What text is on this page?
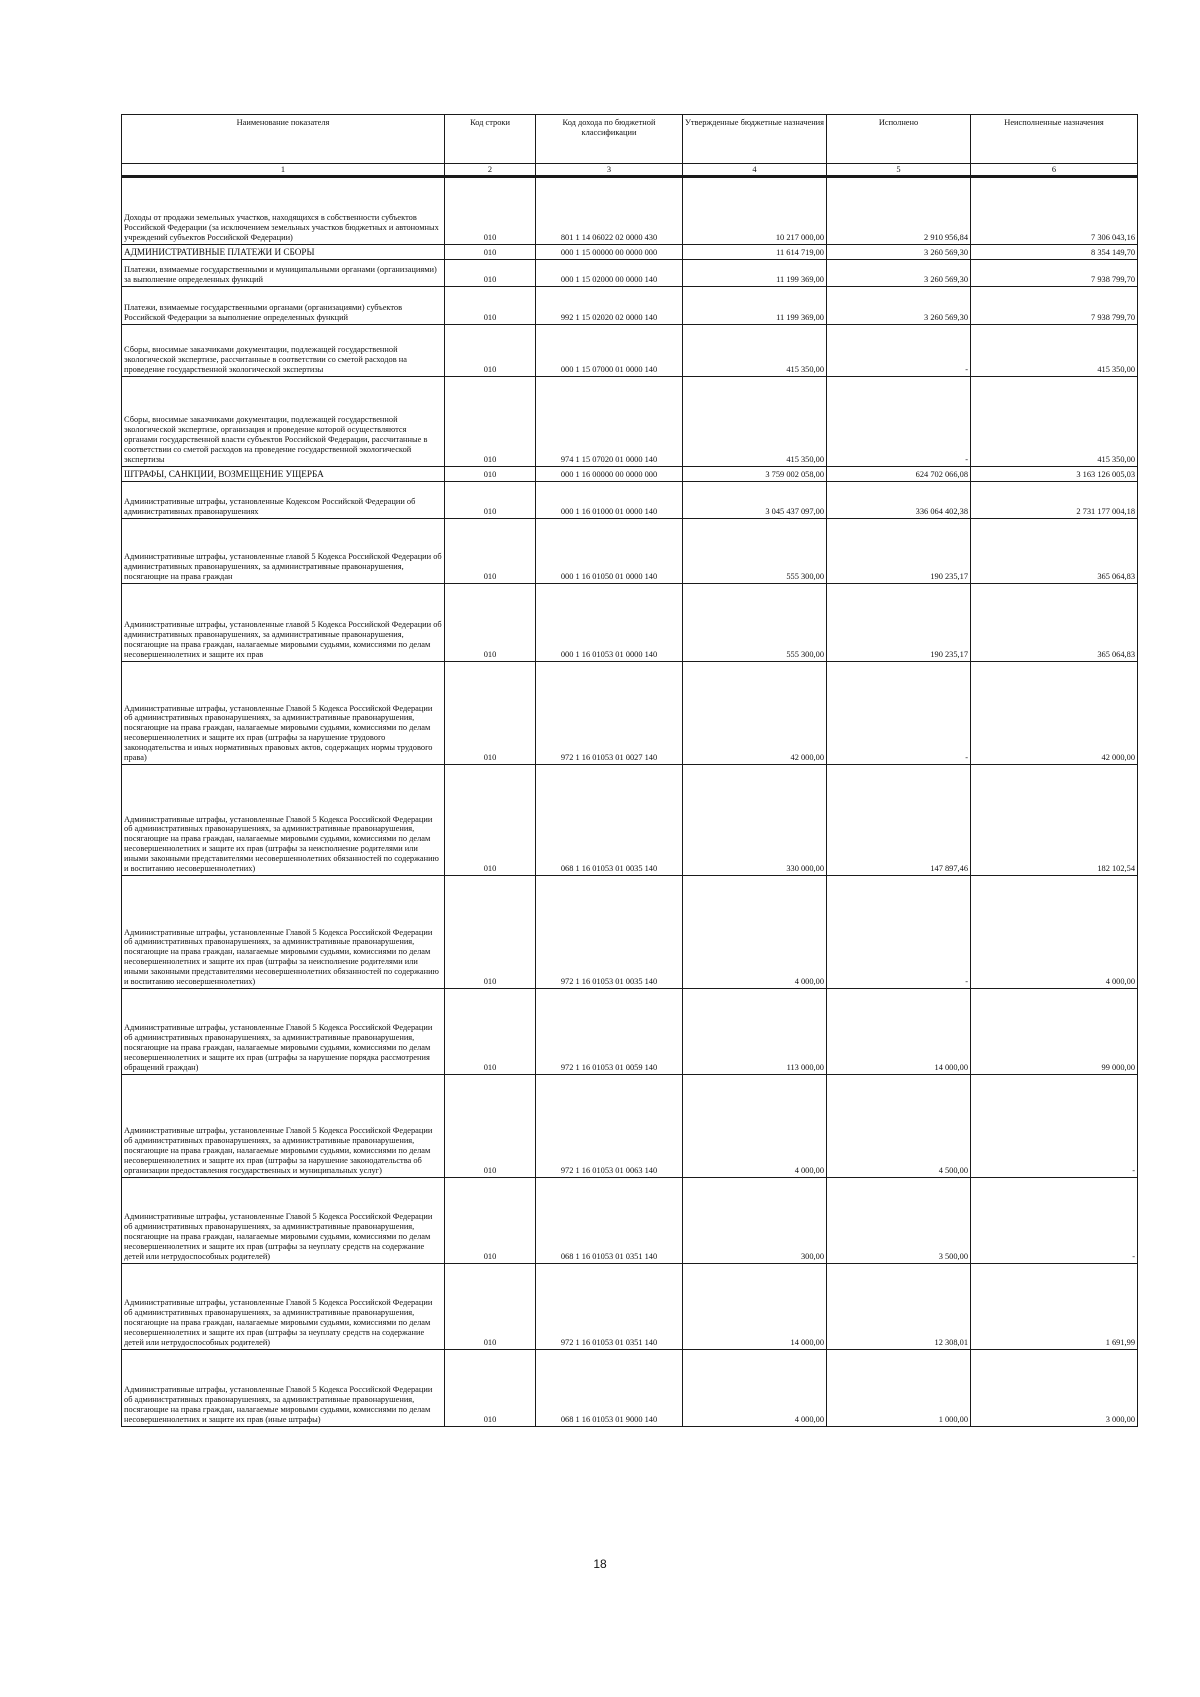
Наименование показателя	Код строки	Код дохода по бюджетной классификации	Утвержденные бюджетные назначения	Исполнено	Неисполненные назначения
1	2	3	4	5	6
Доходы от продажи земельных участков, находящихся в собственности субъектов Российской Федерации (за исключением земельных участков бюджетных и автономных учреждений субъектов Российской Федерации)	010	801 1 14 06022 02 0000 430	10 217 000,00	2 910 956,84	7 306 043,16
АДМИНИСТРАТИВНЫЕ ПЛАТЕЖИ И СБОРЫ	010	000 1 15 00000 00 0000 000	11 614 719,00	3 260 569,30	8 354 149,70
Платежи, взимаемые государственными и муниципальными органами (организациями) за выполнение определенных функций	010	000 1 15 02000 00 0000 140	11 199 369,00	3 260 569,30	7 938 799,70
Платежи, взимаемые государственными органами (организациями) субъектов Российской Федерации за выполнение определенных функций	010	992 1 15 02020 02 0000 140	11 199 369,00	3 260 569,30	7 938 799,70
Сборы, вносимые заказчиками документации, подлежащей государственной экологической экспертизе, рассчитанные в соответствии со сметой расходов на проведение государственной экологической экспертизы	010	000 1 15 07000 01 0000 140	415 350,00	-	415 350,00
Сборы, вносимые заказчиками документации, подлежащей государственной экологической экспертизе, организация и проведение которой осуществляются органами государственной власти субъектов Российской Федерации, рассчитанные в соответствии со сметой расходов на проведение государственной экологической экспертизы	010	974 1 15 07020 01 0000 140	415 350,00	-	415 350,00
ШТРАФЫ, САНКЦИИ, ВОЗМЕЩЕНИЕ УЩЕРБА	010	000 1 16 00000 00 0000 000	3 759 002 058,00	624 702 066,08	3 163 126 005,03
Административные штрафы, установленные Кодексом Российской Федерации об административных правонарушениях	010	000 1 16 01000 01 0000 140	3 045 437 097,00	336 064 402,38	2 731 177 004,18
Административные штрафы, установленные главой 5 Кодекса Российской Федерации об административных правонарушениях, за административные правонарушения, посягающие на права граждан	010	000 1 16 01050 01 0000 140	555 300,00	190 235,17	365 064,83
Административные штрафы, установленные главой 5 Кодекса Российской Федерации об административных правонарушениях, за административные правонарушения, посягающие на права граждан, налагаемые мировыми судьями, комиссиями по делам несовершеннолетних и защите их прав	010	000 1 16 01053 01 0000 140	555 300,00	190 235,17	365 064,83
Административные штрафы, установленные Главой 5 Кодекса Российской Федерации об административных правонарушениях, за административные правонарушения, посягающие на права граждан, налагаемые мировыми судьями, комиссиями по делам несовершеннолетних и защите их прав (штрафы за нарушение трудового законодательства и иных нормативных правовых актов, содержащих нормы трудового права)	010	972 1 16 01053 01 0027 140	42 000,00	-	42 000,00
Административные штрафы, установленные Главой 5 Кодекса Российской Федерации об административных правонарушениях, за административные правонарушения, посягающие на права граждан, налагаемые мировыми судьями, комиссиями по делам несовершеннолетних и защите их прав (штрафы за неисполнение родителями или иными законными представителями несовершеннолетних обязанностей по содержанию и воспитанию несовершеннолетних)	010	068 1 16 01053 01 0035 140	330 000,00	147 897,46	182 102,54
Административные штрафы, установленные Главой 5 Кодекса Российской Федерации об административных правонарушениях, за административные правонарушения, посягающие на права граждан, налагаемые мировыми судьями, комиссиями по делам несовершеннолетних и защите их прав (штрафы за неисполнение родителями или иными законными представителями несовершеннолетних обязанностей по содержанию и воспитанию несовершеннолетних)	010	972 1 16 01053 01 0035 140	4 000,00	-	4 000,00
Административные штрафы, установленные Главой 5 Кодекса Российской Федерации об административных правонарушениях, за административные правонарушения, посягающие на права граждан, налагаемые мировыми судьями, комиссиями по делам несовершеннолетних и защите их прав (штрафы за нарушение порядка рассмотрения обращений граждан)	010	972 1 16 01053 01 0059 140	113 000,00	14 000,00	99 000,00
Административные штрафы, установленные Главой 5 Кодекса Российской Федерации об административных правонарушениях, за административные правонарушения, посягающие на права граждан, налагаемые мировыми судьями, комиссиями по делам несовершеннолетних и защите их прав (штрафы за нарушение законодательства об организации предоставления государственных и муниципальных услуг)	010	972 1 16 01053 01 0063 140	4 000,00	4 500,00	-
Административные штрафы, установленные Главой 5 Кодекса Российской Федерации об административных правонарушениях, за административные правонарушения, посягающие на права граждан, налагаемые мировыми судьями, комиссиями по делам несовершеннолетних и защите их прав (штрафы за неуплату средств на содержание детей или нетрудоспособных родителей)	010	068 1 16 01053 01 0351 140	300,00	3 500,00	-
Административные штрафы, установленные Главой 5 Кодекса Российской Федерации об административных правонарушениях, за административные правонарушения, посягающие на права граждан, налагаемые мировыми судьями, комиссиями по делам несовершеннолетних и защите их прав (штрафы за неуплату средств на содержание детей или нетрудоспособных родителей)	010	972 1 16 01053 01 0351 140	14 000,00	12 308,01	1 691,99
Административные штрафы, установленные Главой 5 Кодекса Российской Федерации об административных правонарушениях, за административные правонарушения, посягающие на права граждан, налагаемые мировыми судьями, комиссиями по делам несовершеннолетних и защите их прав (иные штрафы)	010	068 1 16 01053 01 9000 140	4 000,00	1 000,00	3 000,00
18
